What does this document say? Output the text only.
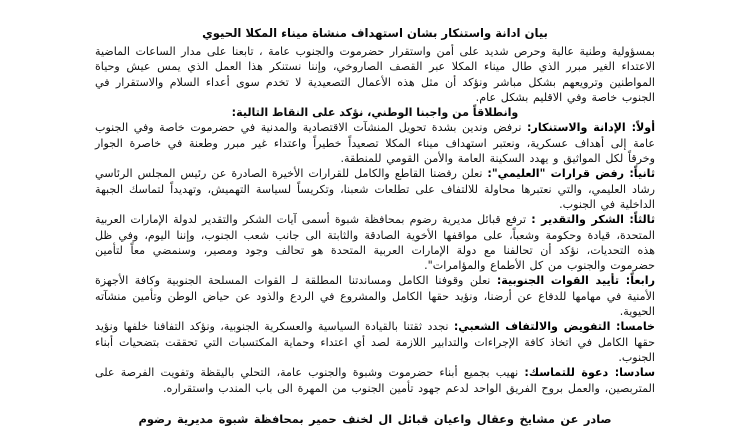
بيان ادانة واستنكار بشان استهداف منشاة ميناء المكلا الحيوي

بمسؤولية وطنية عالية وحرص شديد على أمن واستقرار حضرموت والجنوب عامة ، تابعنا على مدار الساعات الماضية الاعتداء الغير مبرر الذي طال ميناء المكلا عبر القصف الصاروخي، وإننا نستنكر هذا العمل الذي يمس عيش وحياة المواطنين وترويعهم بشكل مباشر ونؤكد أن مثل هذه الأعمال التصعيدية لا تخدم سوى أعداء السلام والاستقرار في الجنوب خاصة وفي الاقليم بشكل عام.

وانطلاقاً من واجبنا الوطني، نؤكد على النقاط التالية:

أولاً: الإدانة والاستنكار: نرفض وندين بشدة تحويل المنشآت الاقتصادية والمدنية في حضرموت خاصة وفي الجنوب عامة إلى أهداف عسكرية، ونعتبر استهداف ميناء المكلا تصعيداً خطيراً واعتداء غير مبرر وطعنة في خاصرة الجوار وخرقاً لكل المواثيق و يهدد السكينة العامة والأمن القومي للمنطقة.

ثانياً: رفض قرارات "العليمي": نعلن رفضنا القاطع والكامل للقرارات الأخيرة الصادرة عن رئيس المجلس الرئاسي رشاد العليمي، والتي نعتبرها محاولة للالتفاف على تطلعات شعبنا، وتكريساً لسياسة التهميش، وتهديداً لتماسك الجبهة الداخلية في الجنوب.

ثالثاً: الشكر والتقدير : ترفع قبائل مديرية رضوم بمحافظة شبوة أسمى آيات الشكر والتقدير لدولة الإمارات العربية المتحدة، قيادة وحكومة وشعباً، على مواقفها الأخوية الصادقة والثابتة الى جانب شعب الجنوب، وإننا اليوم، وفي ظل هذه التحديات، نؤكد أن تحالفنا مع دولة الإمارات العربية المتحدة هو تحالف وجود ومصير، وسنمضي معاً لتأمين حضرموت والجنوب من كل الأطماع والمؤامرات".

رابعاً: تأييد القوات الجنوبية: نعلن وقوفنا الكامل ومساندتنا المطلقة لـ القوات المسلحة الجنوبية وكافة الأجهزة الأمنية في مهامها للدفاع عن أرضنا، ونؤيد حقها الكامل والمشروع في الردع والذود عن حياض الوطن وتأمين منشآته الحيوية.

خامسا: التفويض والالتفاف الشعبي: نجدد ثقتنا بالقيادة السياسية والعسكرية الجنوبية، ونؤكد التفافنا خلفها ونؤيد حقها الكامل في اتخاذ كافة الإجراءات والتدابير اللازمة لصد أي اعتداء وحماية المكتسبات التي تحققت بتضحيات أبناء الجنوب.

سادسا: دعوة للتماسك: نهيب بجميع أبناء حضرموت وشبوة والجنوب عامة، التحلي باليقظة وتفويت الفرصة على المتربصين، والعمل بروح الفريق الواحد لدعم جهود تأمين الجنوب من المهرة الى باب المندب واستقراره.

صادر عن مشايخ وعقال واعيان قبائل ال لخنف حمير بمحافظة شبوة مديرية رضوم
